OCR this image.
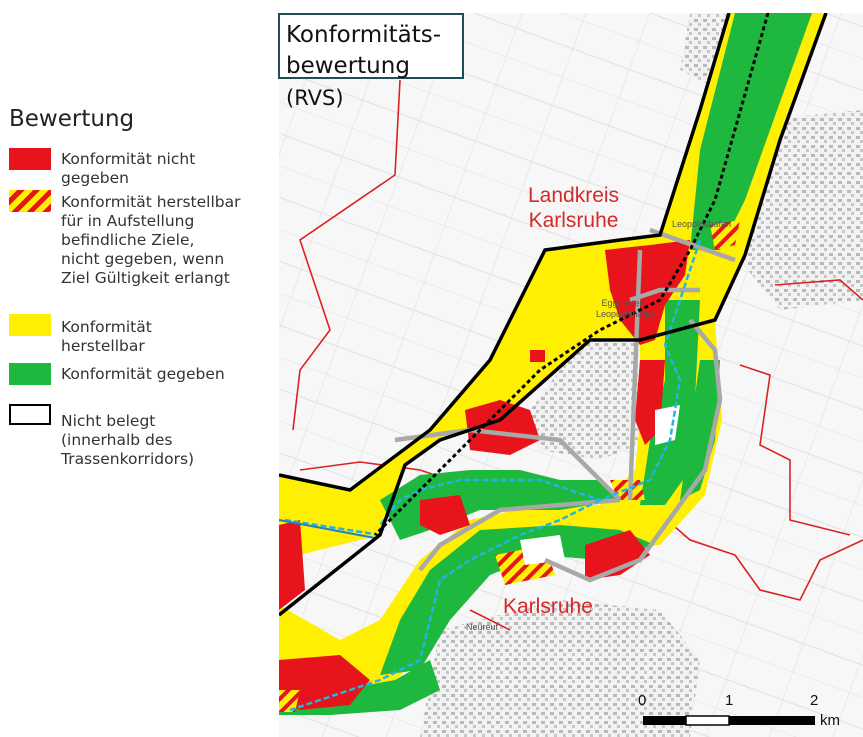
Bewertung
Konformität nicht
gegeben
Konformität herstellbar
für in Aufstellung
befindliche Ziele,
nicht gegeben, wenn
Ziel Gültigkeit erlangt
Konformität
herstellbar
Konformität gegeben
Nicht belegt
(innerhalb des
Trassenkorridors)
Konformitäts-
bewertung
(RVS)
Landkreis
Karlsruhe
Karlsruhe
Eggenstein-
Leopoldshafen
Neureut
Leopoldshafen
0	1	2
km
